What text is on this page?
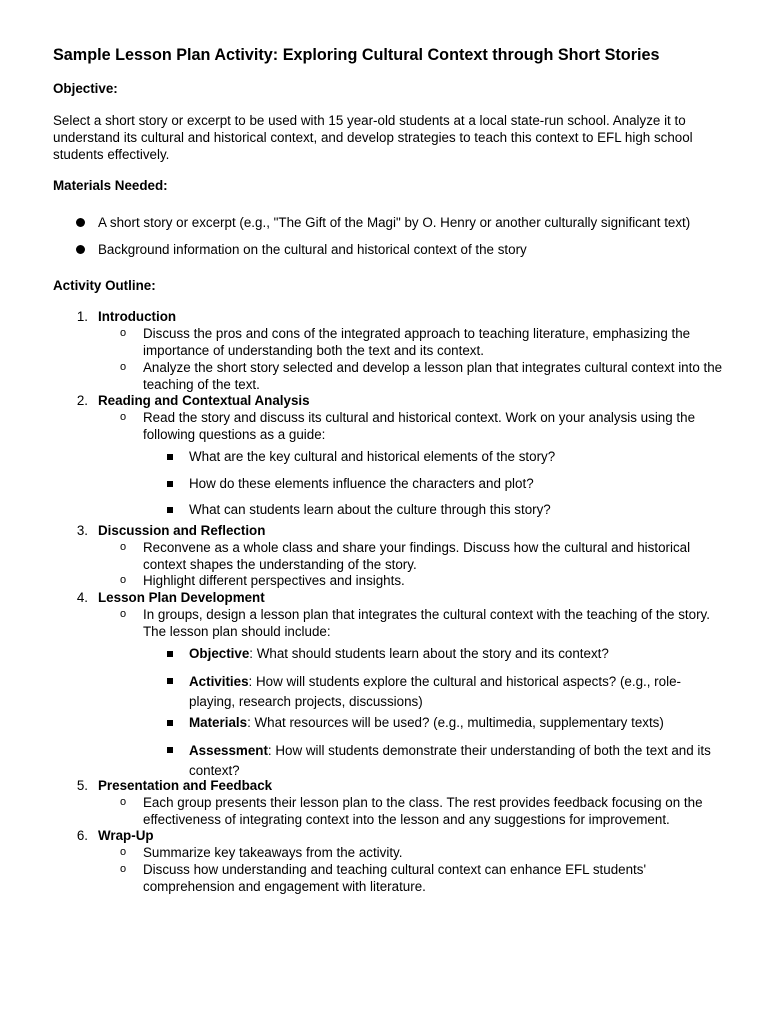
Sample Lesson Plan Activity: Exploring Cultural Context through Short Stories
Objective:
Select a short story or excerpt to be used with 15 year-old students at a local state-run school. Analyze it to understand its cultural and historical context, and develop strategies to teach this context to EFL high school students effectively.
Materials Needed:
A short story or excerpt (e.g., "The Gift of the Magi" by O. Henry or another culturally significant text)
Background information on the cultural and historical context of the story
Activity Outline:
1. Introduction
o Discuss the pros and cons of the integrated approach to teaching literature, emphasizing the importance of understanding both the text and its context.
o Analyze the short story selected and develop a lesson plan that integrates cultural context into the teaching of the text.
2. Reading and Contextual Analysis
o Read the story and discuss its cultural and historical context. Work on your analysis using the following questions as a guide:
What are the key cultural and historical elements of the story?
How do these elements influence the characters and plot?
What can students learn about the culture through this story?
3. Discussion and Reflection
o Reconvene as a whole class and share your findings. Discuss how the cultural and historical context shapes the understanding of the story.
o Highlight different perspectives and insights.
4. Lesson Plan Development
o In groups, design a lesson plan that integrates the cultural context with the teaching of the story. The lesson plan should include:
Objective: What should students learn about the story and its context?
Activities: How will students explore the cultural and historical aspects? (e.g., role-playing, research projects, discussions)
Materials: What resources will be used? (e.g., multimedia, supplementary texts)
Assessment: How will students demonstrate their understanding of both the text and its context?
5. Presentation and Feedback
o Each group presents their lesson plan to the class. The rest provides feedback focusing on the effectiveness of integrating context into the lesson and any suggestions for improvement.
6. Wrap-Up
o Summarize key takeaways from the activity.
o Discuss how understanding and teaching cultural context can enhance EFL students' comprehension and engagement with literature.
